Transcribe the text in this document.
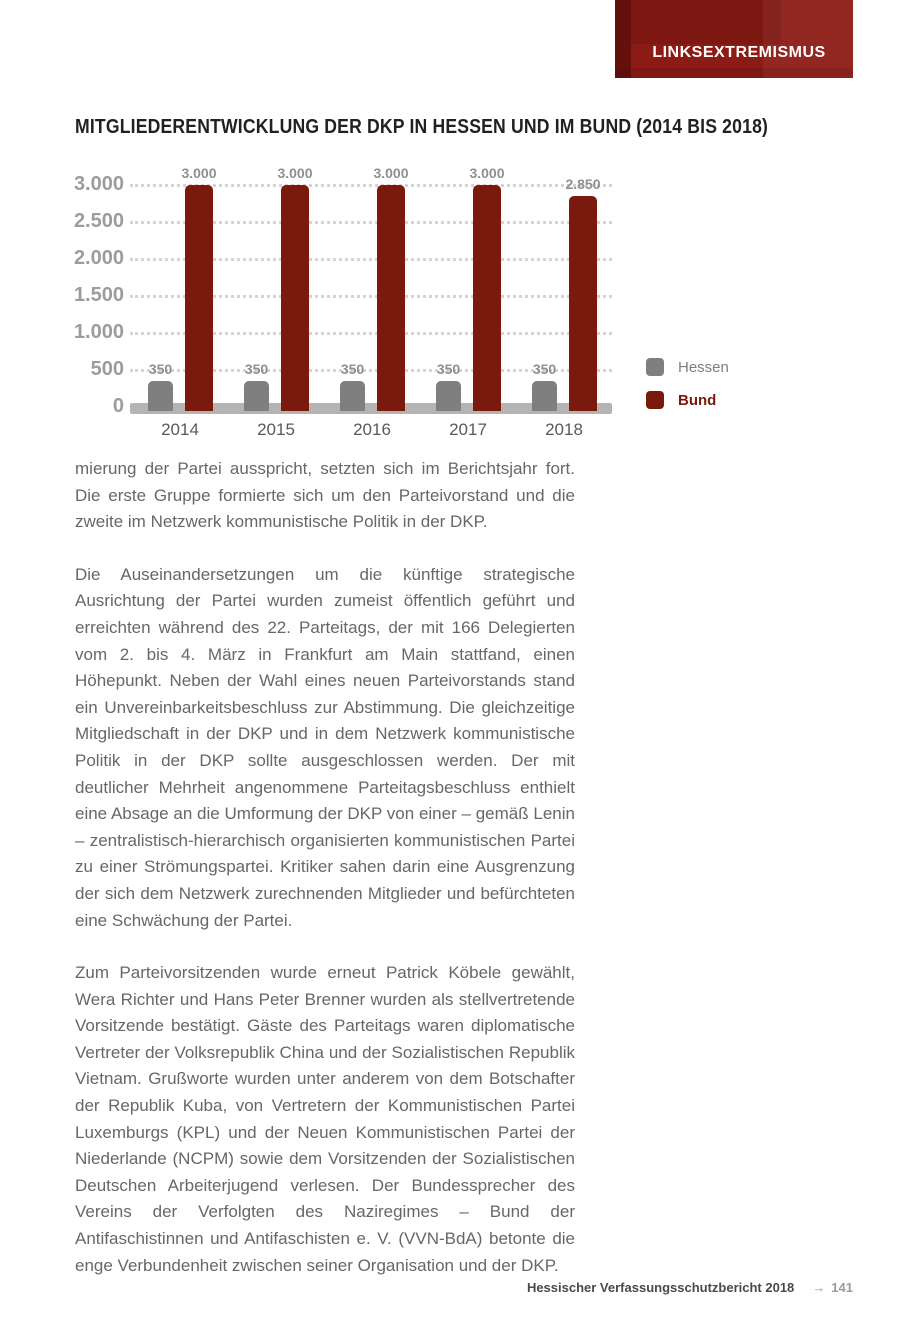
LINKSEXTREMISMUS
MITGLIEDERENTWICKLUNG DER DKP IN HESSEN UND IM BUND (2014 BIS 2018)
0
500
1.000
1.500
2.000
2.500
3.000
350
3.000
2014
350
3.000
2015
350
3.000
2016
350
3.000
2017
350
2.850
2018
Hessen
Bund

mierung der Partei ausspricht, setzten sich im Berichtsjahr fort. Die erste Gruppe formierte sich um den Parteivorstand und die zweite im Netzwerk kommunistische Politik in der DKP.

Die Auseinandersetzungen um die künftige strategische Ausrichtung der Partei wurden zumeist öffentlich geführt und erreichten während des 22. Parteitags, der mit 166 Delegierten vom 2. bis 4. März in Frankfurt am Main stattfand, einen Höhepunkt. Neben der Wahl eines neuen Parteivorstands stand ein Unvereinbarkeitsbeschluss zur Abstimmung. Die gleichzeitige Mitgliedschaft in der DKP und in dem Netzwerk kommunistische Politik in der DKP sollte ausgeschlossen werden. Der mit deutlicher Mehrheit angenommene Parteitagsbeschluss enthielt eine Absage an die Umformung der DKP von einer – gemäß Lenin – zentralistisch-hierarchisch organisierten kommunistischen Partei zu einer Strömungspartei. Kritiker sahen darin eine Ausgrenzung der sich dem Netzwerk zurechnenden Mitglieder und befürchteten eine Schwächung der Partei.

Zum Parteivorsitzenden wurde erneut Patrick Köbele gewählt, Wera Richter und Hans Peter Brenner wurden als stellvertretende Vorsitzende bestätigt. Gäste des Parteitags waren diplomatische Vertreter der Volksrepublik China und der Sozialistischen Republik Vietnam. Grußworte wurden unter anderem von dem Botschafter der Republik Kuba, von Vertretern der Kommunistischen Partei Luxemburgs (KPL) und der Neuen Kommunistischen Partei der Niederlande (NCPM) sowie dem Vorsitzenden der Sozialistischen Deutschen Arbeiterjugend verlesen. Der Bundessprecher des Vereins der Verfolgten des Naziregimes – Bund der Antifaschistinnen und Antifaschisten e. V. (VVN-BdA) betonte die enge Verbundenheit zwischen seiner Organisation und der DKP.

Hessischer Verfassungsschutzbericht 2018 → 141
